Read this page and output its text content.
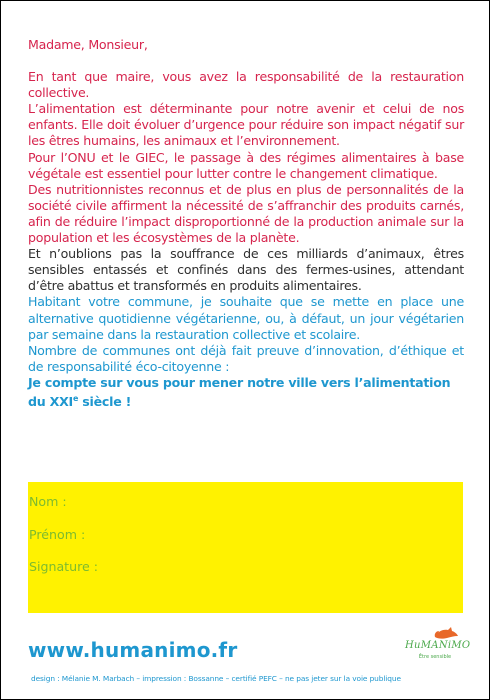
Madame, Monsieur,

En tant que maire, vous avez la responsabilité de la restauration collective.

L’alimentation est déterminante pour notre avenir et celui de nos enfants. Elle doit évoluer d’urgence pour réduire son impact négatif sur les êtres humains, les animaux et l’environnement.

Pour l’ONU et le GIEC, le passage à des régimes alimentaires à base végétale est essentiel pour lutter contre le changement climatique.

Des nutritionnistes reconnus et de plus en plus de personnalités de la société civile affirment la nécessité de s’affranchir des produits carnés, afin de réduire l’impact disproportionné de la production animale sur la population et les écosystèmes de la planète.

Et n’oublions pas la souffrance de ces milliards d’animaux, êtres sensibles entassés et confinés dans des fermes-usines, attendant d’être abattus et transformés en produits alimentaires.

Habitant votre commune, je souhaite que se mette en place une alternative quotidienne végétarienne, ou, à défaut, un jour végétarien par semaine dans la restauration collective et scolaire.

Nombre de communes ont déjà fait preuve d’innovation, d’éthique et de responsabilité éco-citoyenne :

Je compte sur vous pour mener notre ville vers l’alimentation du XXIe siècle !

Nom :
Prénom :
Signature :
www.humanimo.fr	HuMANiMO
Être sensible
design : Mélanie M. Marbach – impression : Bossanne – certifié PEFC – ne pas jeter sur la voie publique
